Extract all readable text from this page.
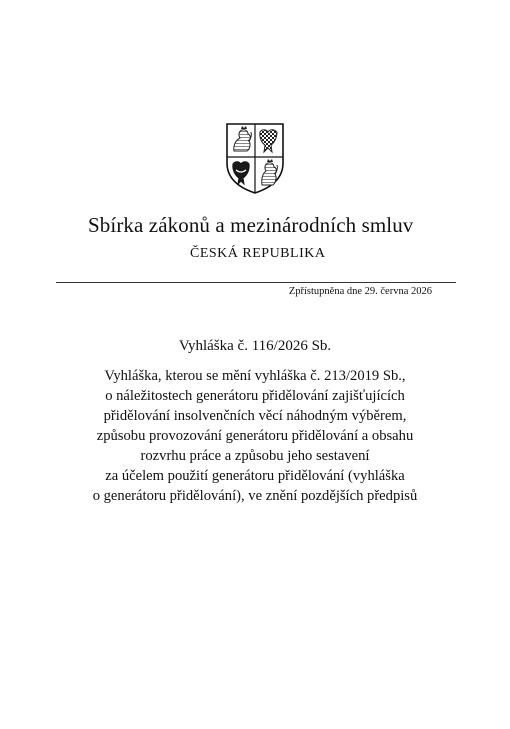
Sbírka zákonů a mezinárodních smluv

ČESKÁ REPUBLIKA

Zpřístupněna dne 29. června 2026

Vyhláška č. 116/2026 Sb.

Vyhláška, kterou se mění vyhláška č. 213/2019 Sb.,
o náležitostech generátoru přidělování zajišťujících
přidělování insolvenčních věcí náhodným výběrem,
způsobu provozování generátoru přidělování a obsahu
rozvrhu práce a způsobu jeho sestavení
za účelem použití generátoru přidělování (vyhláška
o generátoru přidělování), ve znění pozdějších předpisů
